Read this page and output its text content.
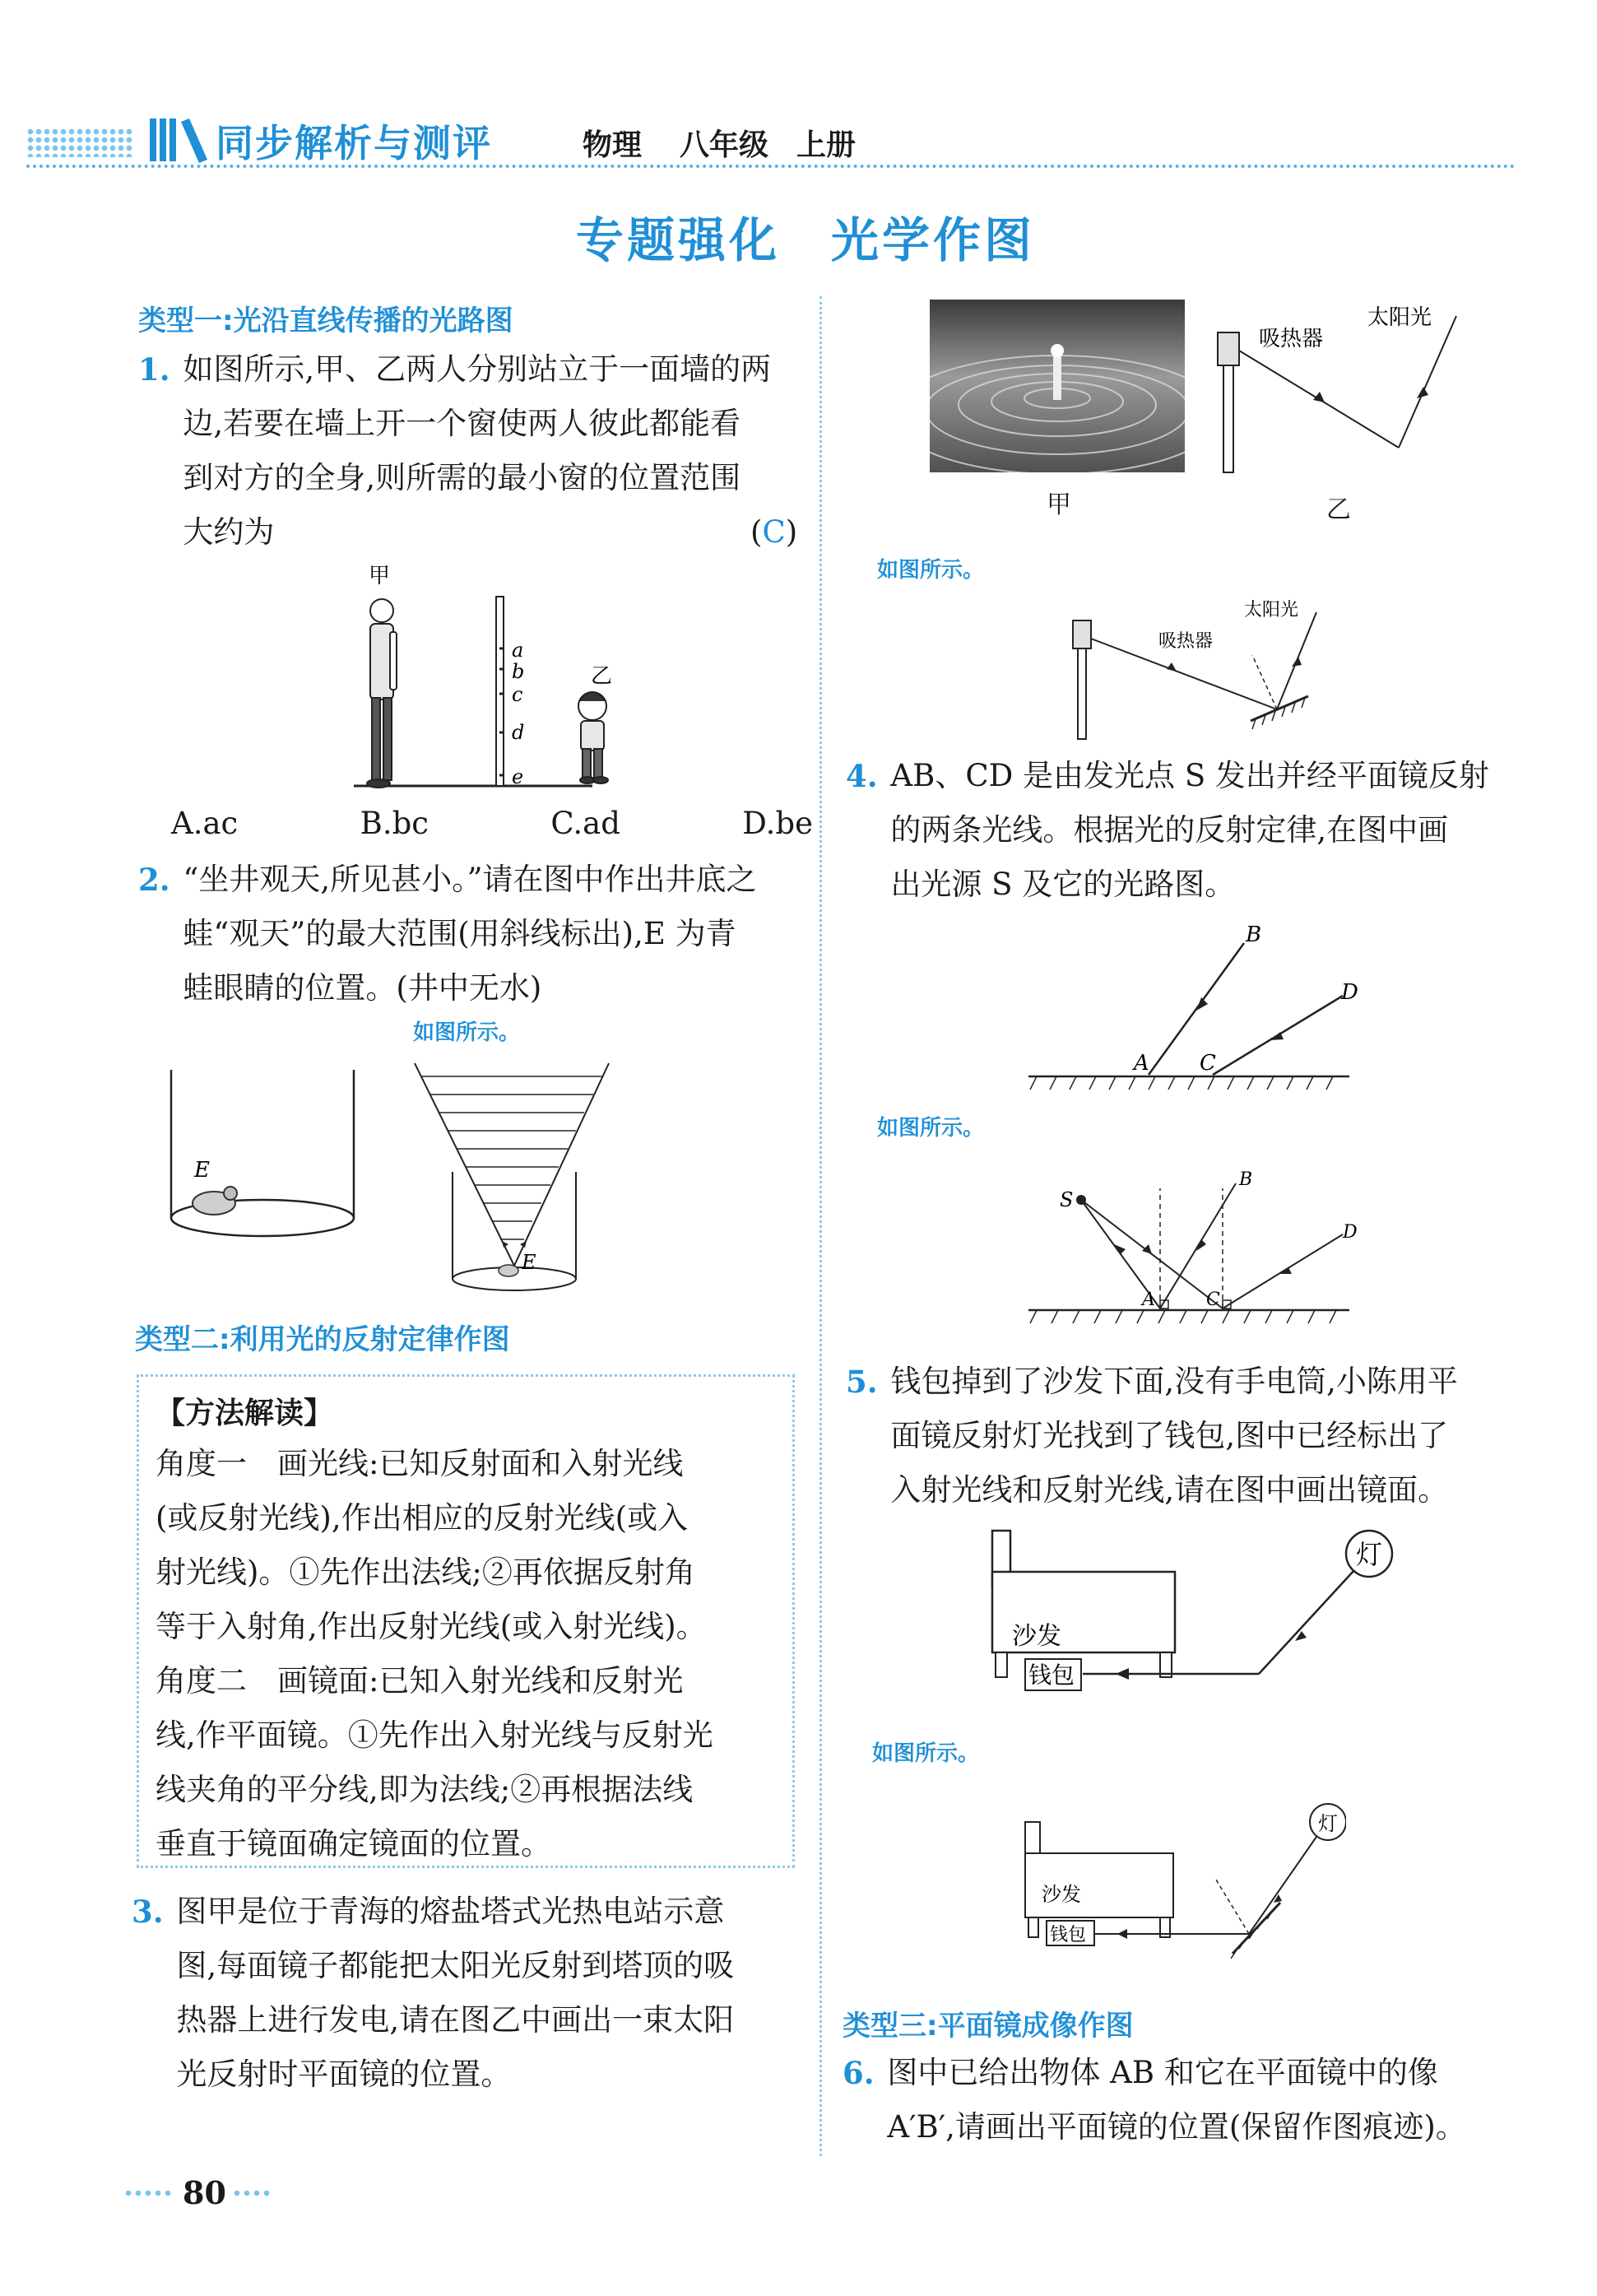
同步解析与测评	物理 八年级 上册
专题强化　光学作图
类型一:光沿直线传播的光路图
1. 如图所示,甲、乙两人分别站立于一面墙的两
边,若要在墙上开一个窗使两人彼此都能看
到对方的全身,则所需的最小窗的位置范围
大约为	(C)
a
b
c
d
e
甲
乙
A.ac	B.bc	C.ad	D.be
2. “坐井观天,所见甚小。”请在图中作出井底之
蛙“观天”的最大范围(用斜线标出),E 为青
蛙眼睛的位置。(井中无水)
如图所示。
E
E
类型二:利用光的反射定律作图
【方法解读】
角度一　画光线:已知反射面和入射光线
(或反射光线),作出相应的反射光线(或入
射光线)。①先作出法线;②再依据反射角
等于入射角,作出反射光线(或入射光线)。
角度二　画镜面:已知入射光线和反射光
线,作平面镜。①先作出入射光线与反射光
线夹角的平分线,即为法线;②再根据法线
垂直于镜面确定镜面的位置。
3. 图甲是位于青海的熔盐塔式光热电站示意
图,每面镜子都能把太阳光反射到塔顶的吸
热器上进行发电,请在图乙中画出一束太阳
光反射时平面镜的位置。
甲
吸热器
太阳光
乙
如图所示。
吸热器
太阳光
4. AB、CD 是由发光点 S 发出并经平面镜反射
的两条光线。根据光的反射定律,在图中画
出光源 S 及它的光路图。
A
B
C
D
如图所示。
S
A
B
C
D
5. 钱包掉到了沙发下面,没有手电筒,小陈用平
面镜反射灯光找到了钱包,图中已经标出了
入射光线和反射光线,请在图中画出镜面。
沙发
钱包
灯
如图所示。
沙发
钱包
灯
类型三:平面镜成像作图
6. 图中已给出物体 AB 和它在平面镜中的像
A′B′,请画出平面镜的位置(保留作图痕迹)。
80
